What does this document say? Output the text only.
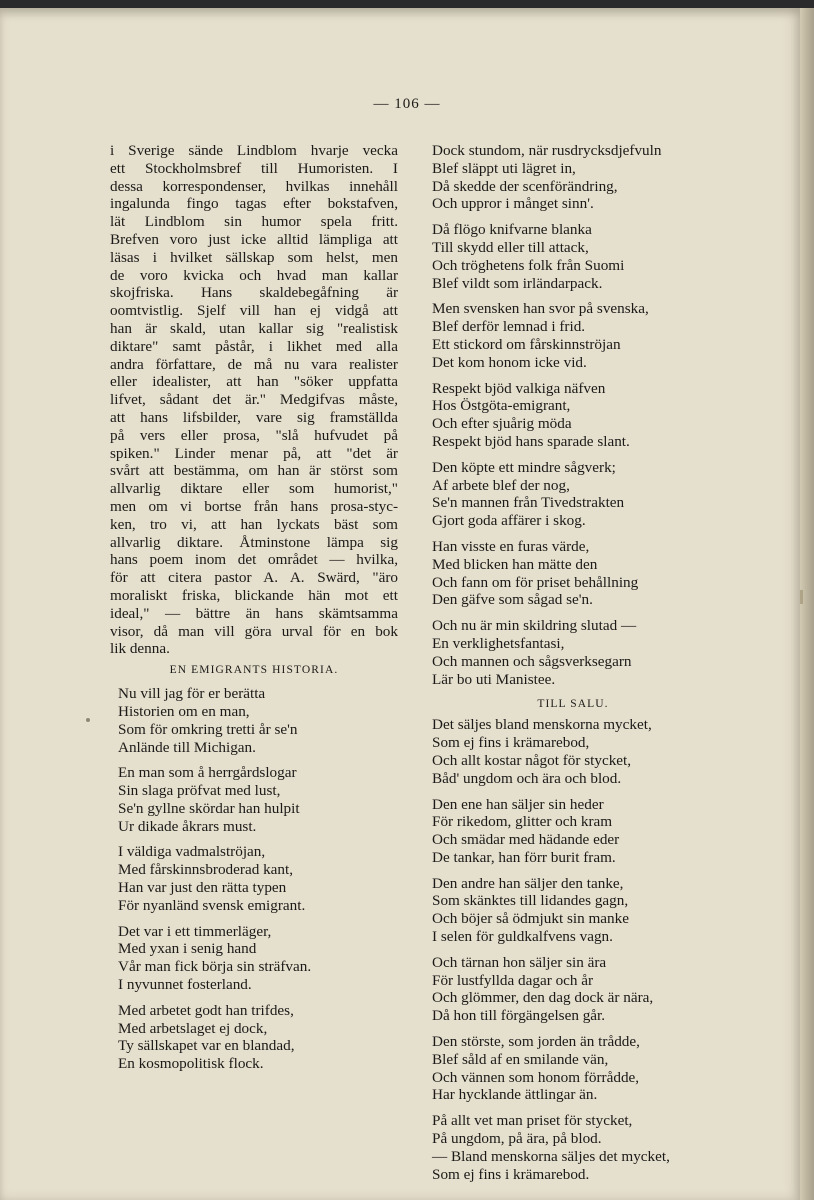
— 106 —
i Sverige sände Lindblom hvarje vecka
ett Stockholmsbref till Humoristen. I
dessa korrespondenser, hvilkas innehåll
ingalunda fingo tagas efter bokstafven,
lät Lindblom sin humor spela fritt.
Brefven voro just icke alltid lämpliga att
läsas i hvilket sällskap som helst, men
de voro kvicka och hvad man kallar
skojfriska. Hans skaldebegåfning är
oomtvistlig. Sjelf vill han ej vidgå att
han är skald, utan kallar sig "realistisk
diktare" samt påstår, i likhet med alla
andra författare, de må nu vara realister
eller idealister, att han "söker uppfatta
lifvet, sådant det är." Medgifvas måste,
att hans lifsbilder, vare sig framställda
på vers eller prosa, "slå hufvudet på
spiken." Linder menar på, att "det är
svårt att bestämma, om han är störst som
allvarlig diktare eller som humorist,"
men om vi bortse från hans prosa-styc-
ken, tro vi, att han lyckats bäst som
allvarlig diktare. Åtminstone lämpa sig
hans poem inom det området — hvilka,
för att citera pastor A. A. Swärd, "äro
moraliskt friska, blickande hän mot ett
ideal," — bättre än hans skämtsamma
visor, då man vill göra urval för en bok
lik denna.
EN EMIGRANTS HISTORIA.
Nu vill jag för er berätta
Historien om en man,
Som för omkring tretti år se'n
Anlände till Michigan.
En man som å herrgårdslogar
Sin slaga pröfvat med lust,
Se'n gyllne skördar han hulpit
Ur dikade åkrars must.
I väldiga vadmalströjan,
Med fårskinnsbroderad kant,
Han var just den rätta typen
För nyanländ svensk emigrant.
Det var i ett timmerläger,
Med yxan i senig hand
Vår man fick börja sin sträfvan.
I nyvunnet fosterland.
Med arbetet godt han trifdes,
Med arbetslaget ej dock,
Ty sällskapet var en blandad,
En kosmopolitisk flock.
Dock stundom, när rusdrycksdjefvuln
Blef släppt uti lägret in,
Då skedde der scenförändring,
Och uppror i månget sinn'.
Då flögo knifvarne blanka
Till skydd eller till attack,
Och tröghetens folk från Suomi
Blef vildt som irländarpack.
Men svensken han svor på svenska,
Blef derför lemnad i frid.
Ett stickord om fårskinnströjan
Det kom honom icke vid.
Respekt bjöd valkiga näfven
Hos Östgöta-emigrant,
Och efter sjuårig möda
Respekt bjöd hans sparade slant.
Den köpte ett mindre sågverk;
Af arbete blef der nog,
Se'n mannen från Tivedstrakten
Gjort goda affärer i skog.
Han visste en furas värde,
Med blicken han mätte den
Och fann om för priset behållning
Den gäfve som sågad se'n.
Och nu är min skildring slutad —
En verklighetsfantasi,
Och mannen och sågsverksegarn
Lär bo uti Manistee.
TILL SALU.
Det säljes bland menskorna mycket,
Som ej fins i krämarebod,
Och allt kostar något för stycket,
Båd' ungdom och ära och blod.
Den ene han säljer sin heder
För rikedom, glitter och kram
Och smädar med hädande eder
De tankar, han förr burit fram.
Den andre han säljer den tanke,
Som skänktes till lidandes gagn,
Och böjer så ödmjukt sin manke
I selen för guldkalfvens vagn.
Och tärnan hon säljer sin ära
För lustfyllda dagar och år
Och glömmer, den dag dock är nära,
Då hon till förgängelsen går.
Den störste, som jorden än trådde,
Blef såld af en smilande vän,
Och vännen som honom förrådde,
Har hycklande ättlingar än.
På allt vet man priset för stycket,
På ungdom, på ära, på blod.
— Bland menskorna säljes det mycket,
Som ej fins i krämarebod.
